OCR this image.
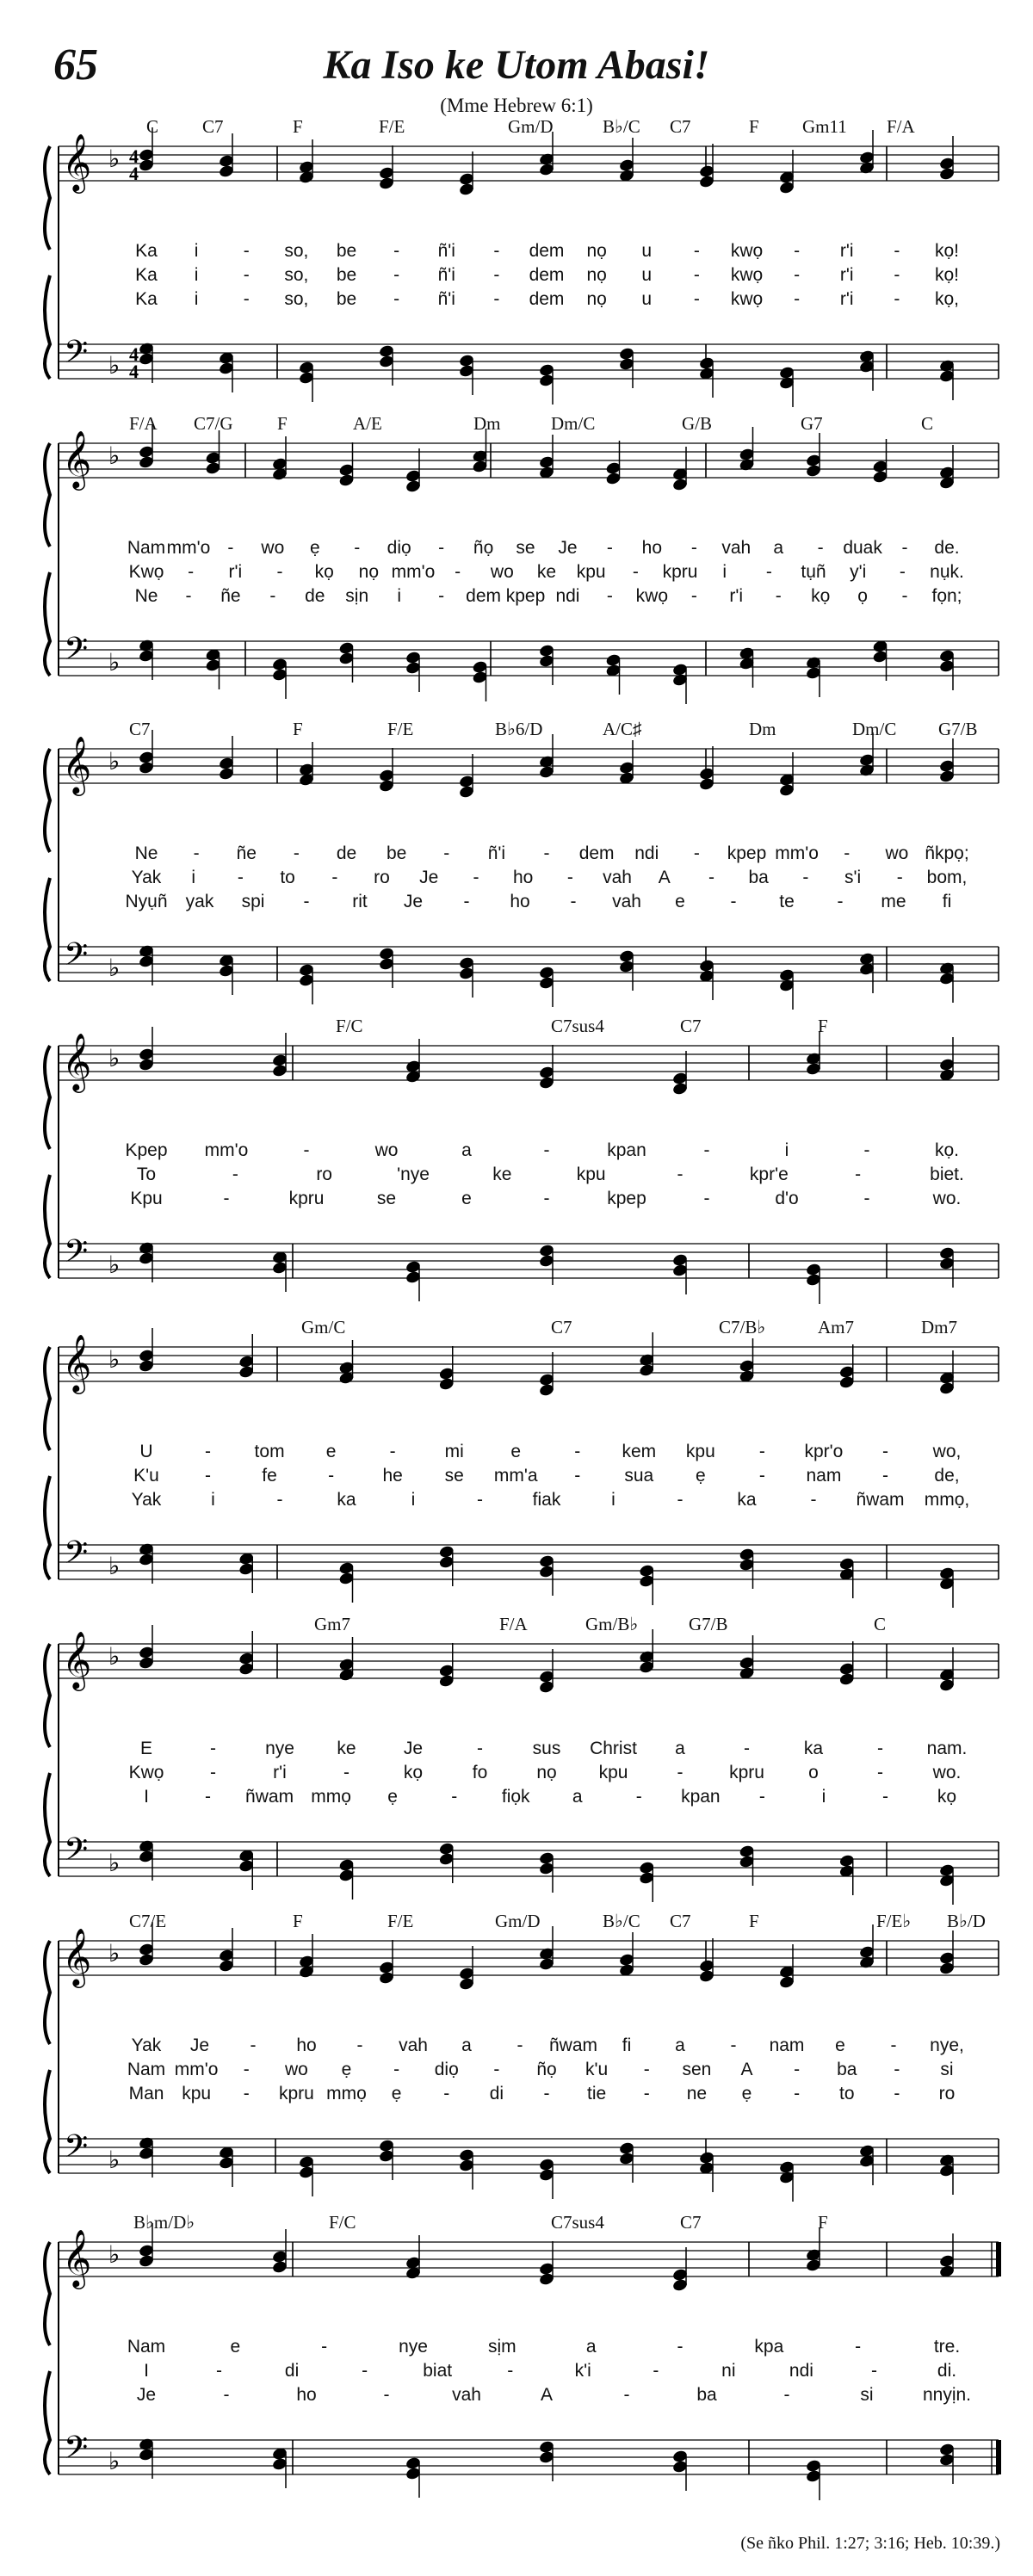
65	Ka Iso ke Utom Abasi!
(Mme Hebrew 6:1)
𝄞
𝄢
♭
♭
4
4
4
4
𝄞
𝄢
♭
♭
𝄞
𝄢
♭
♭
𝄞
𝄢
♭
♭
𝄞
𝄢
♭
♭
𝄞
𝄢
♭
♭
𝄞
𝄢
♭
♭
𝄞
𝄢
♭
♭
C C7	F	F/E	Gm/D	B♭/C C7	F Gm11 F/A
Ka i - so, be - ñ'i - dem nọ u - kwọ - r'i - kọ!
Ka i - so, be - ñ'i - dem nọ u - kwọ - r'i - kọ!
Ka i - so, be - ñ'i - dem nọ u - kwọ - r'i - kọ,
F/A C7/G F	A/E	Dm	Dm/C	G/B	G7	C
Nam mm'o - wo ẹ - diọ - ñọ se Je - ho - vah a - duak - de.
Kwọ - r'i - kọ nọ mm'o - wo ke kpu - kpru i - tụñ y'i - nụk.
Ne - ñe - de sịn i - dem kpep ndi - kwọ - r'i - kọ ọ - fọn;
C7	F	F/E	B♭6/D	A/C♯	Dm	Dm/C G7/B
Ne - ñe - de be - ñ'i - dem ndi - kpep mm'o - wo ñkpọ;
Yak i - to - ro Je - ho - vah A - ba - s'i - bom,
Nyụñ yak spi - rit Je - ho - vah e	- te - me fi
F/C	C7sus4	C7	F
Kpep mm'o	-	wo	a	-	kpan	-	i	-	kọ.
To	-	ro	'nye	ke	kpu	-	kpr'e	-	biet.
Kpu	-	kpru	se	e	-	kpep	-	d'o	-	wo.
Gm/C	C7	C7/B♭	Am7	Dm7
U	- tom e	-	mi	e	- kem kpu - kpr'o - wo,
K'u	-	fe	-	he se mm'a - sua ẹ	- nam -	de,
Yak	i	-	ka	i	-	fiak	i	-	ka	- ñwam mmọ,
Gm7	F/A	Gm/B♭	G7/B	C
E	-	nye ke	Je	-	sus Christ a	-	ka	- nam.
Kwọ	-	r'i	-	kọ	fo	nọ kpu	-	kpru o	-	wo.
I	- ñwam mmọ ẹ	- fiọk a	- kpan -	i	-	kọ
C7/E	F	F/E	Gm/D	B♭/C C7	F	F/E♭ B♭/D
Yak Je - ho - vah a	- ñwam fi a	- nam e	- nye,
Nam mm'o - wo ẹ - diọ - ñọ k'u - sen A - ba - si
Man kpu - kpru mmọ ẹ - di - tie - ne ẹ - to - ro
B♭m/D♭	F/C	C7sus4	C7	F
Nam	e	-	nye	sịm	a	-	kpa	-	tre.
I	-	di	-	biat	-	k'i	-	ni	ndi	-	di.
Je	-	ho	-	vah	A	-	ba	-	si	nnyịn.
(Se ñko Phil. 1:27; 3:16; Heb. 10:39.)
